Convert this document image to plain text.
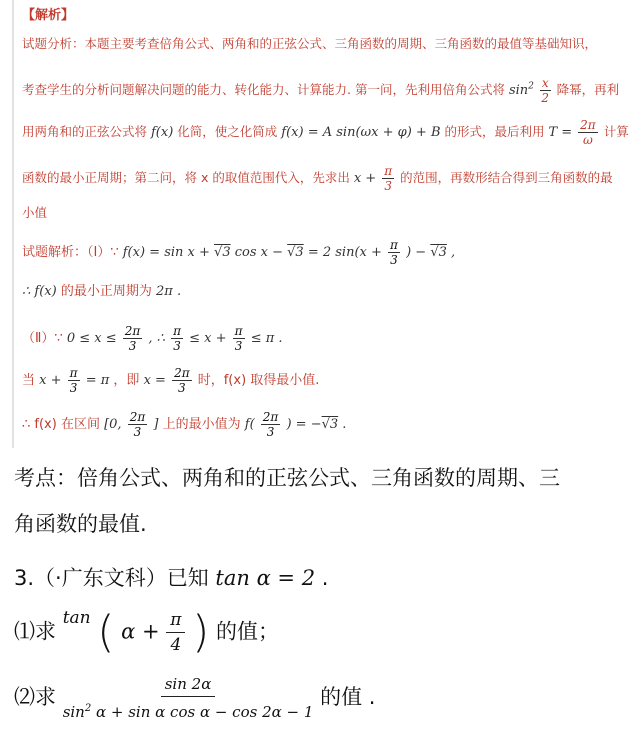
【解析】
试题分析：本题主要考查倍角公式、两角和的正弦公式、三角函数的周期、三角函数的最值等基础知识，
考查学生的分析问题解决问题的能力、转化能力、计算能力. 第一问，先利用倍角公式将 $\sin^2 \frac{x}{2}$ 降幂，再利
用两角和的正弦公式将 f(x) 化简，使之化简成 f(x) = A sin(ωx + φ) + B 的形式，最后利用 $T = \frac{2\pi}{\omega}$ 计算
函数的最小正周期；第二问，将 x 的取值范围代入，先求出 $x + \frac{\pi}{3}$ 的范围，再数形结合得到三角函数的最
小值
试题解析：（Ⅰ）∵ f(x) = sin x + √3 cos x − √3 = 2 $\sin(x + \frac{\pi}{3}$ ) − √3 ,
∴ f(x) 的最小正周期为 2π .
（Ⅱ）∵ $0 \le x \le \frac{2\pi}{3}$ , ∴ $\frac{\pi}{3} \le x + \frac{\pi}{3} \le \pi$ .
当 $x + \frac{\pi}{3} = \pi$ ，即 $x = \frac{2\pi}{3}$ 时，f(x) 取得最小值.
∴ f(x) 在区间 [0, $\frac{2\pi}{3}$ ] 上的最小值为 $f( \frac{2\pi}{3}$ ) = −√3 .
考点：倍角公式、两角和的正弦公式、三角函数的周期、三
角函数的最值.
3.（·广东文科）已知 tan α = 2 .
⑴求 $^{tan}$ ( $\alpha + \frac{\pi}{4}$ ) 的值；
⑵求 $\frac{\sin 2\alpha}{\sin^2 \alpha + \sin \alpha \cos \alpha - \cos 2\alpha - 1}$ 的值 .
